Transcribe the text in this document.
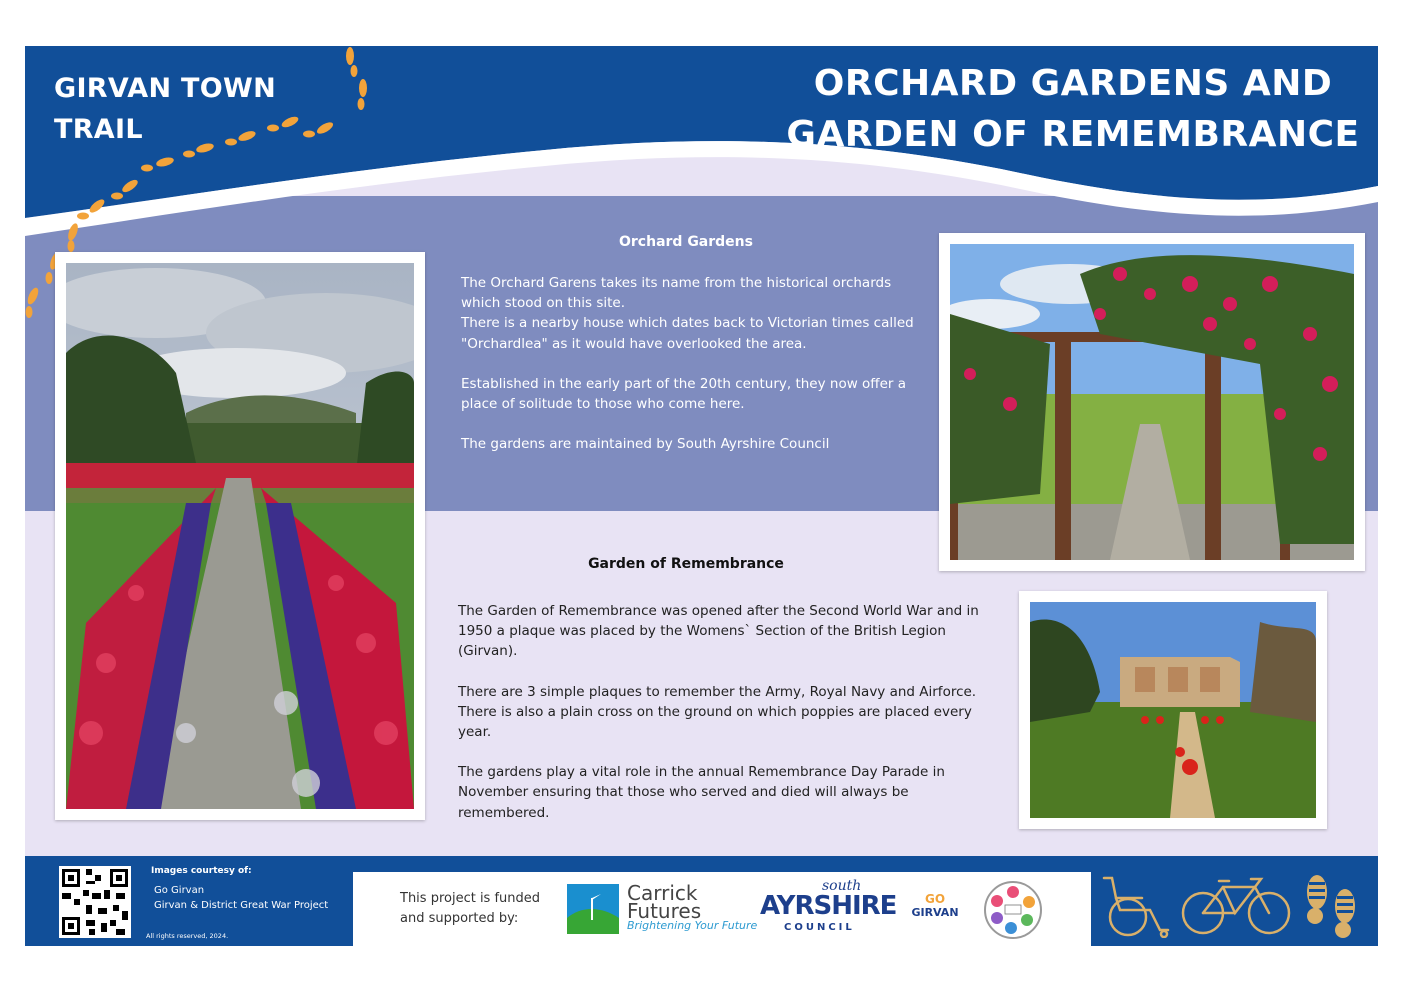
GIRVAN TOWN
TRAIL
ORCHARD GARDENS AND
GARDEN OF REMEMBRANCE
Orchard Gardens

The Orchard Garens takes its name from the historical orchards which stood on this site.
There is a nearby house which dates back to Victorian times called "Orchardlea" as it would have overlooked the area.

Established in the early part of the 20th century, they now offer a place of solitude to those who come here.

The gardens are maintained by South Ayrshire Council

Garden of Remembrance

The Garden of Remembrance was opened after the Second World War and in 1950 a plaque was placed by the Womens` Section of the British Legion (Girvan).

There are 3 simple plaques to remember the Army, Royal Navy and Airforce. There is also a plain cross on the ground on which poppies are placed every year.

The gardens play a vital role in the annual Remembrance Day Parade in November ensuring that those who served and died will always be remembered.

Images courtesy of:
Go Girvan
Girvan & District Great War Project
All rights reserved, 2024.
This project is funded
and supported by:
Carrick
Futures
Brightening Your Future
south
AYRSHIRE
COUNCIL
GO
GIRVAN
